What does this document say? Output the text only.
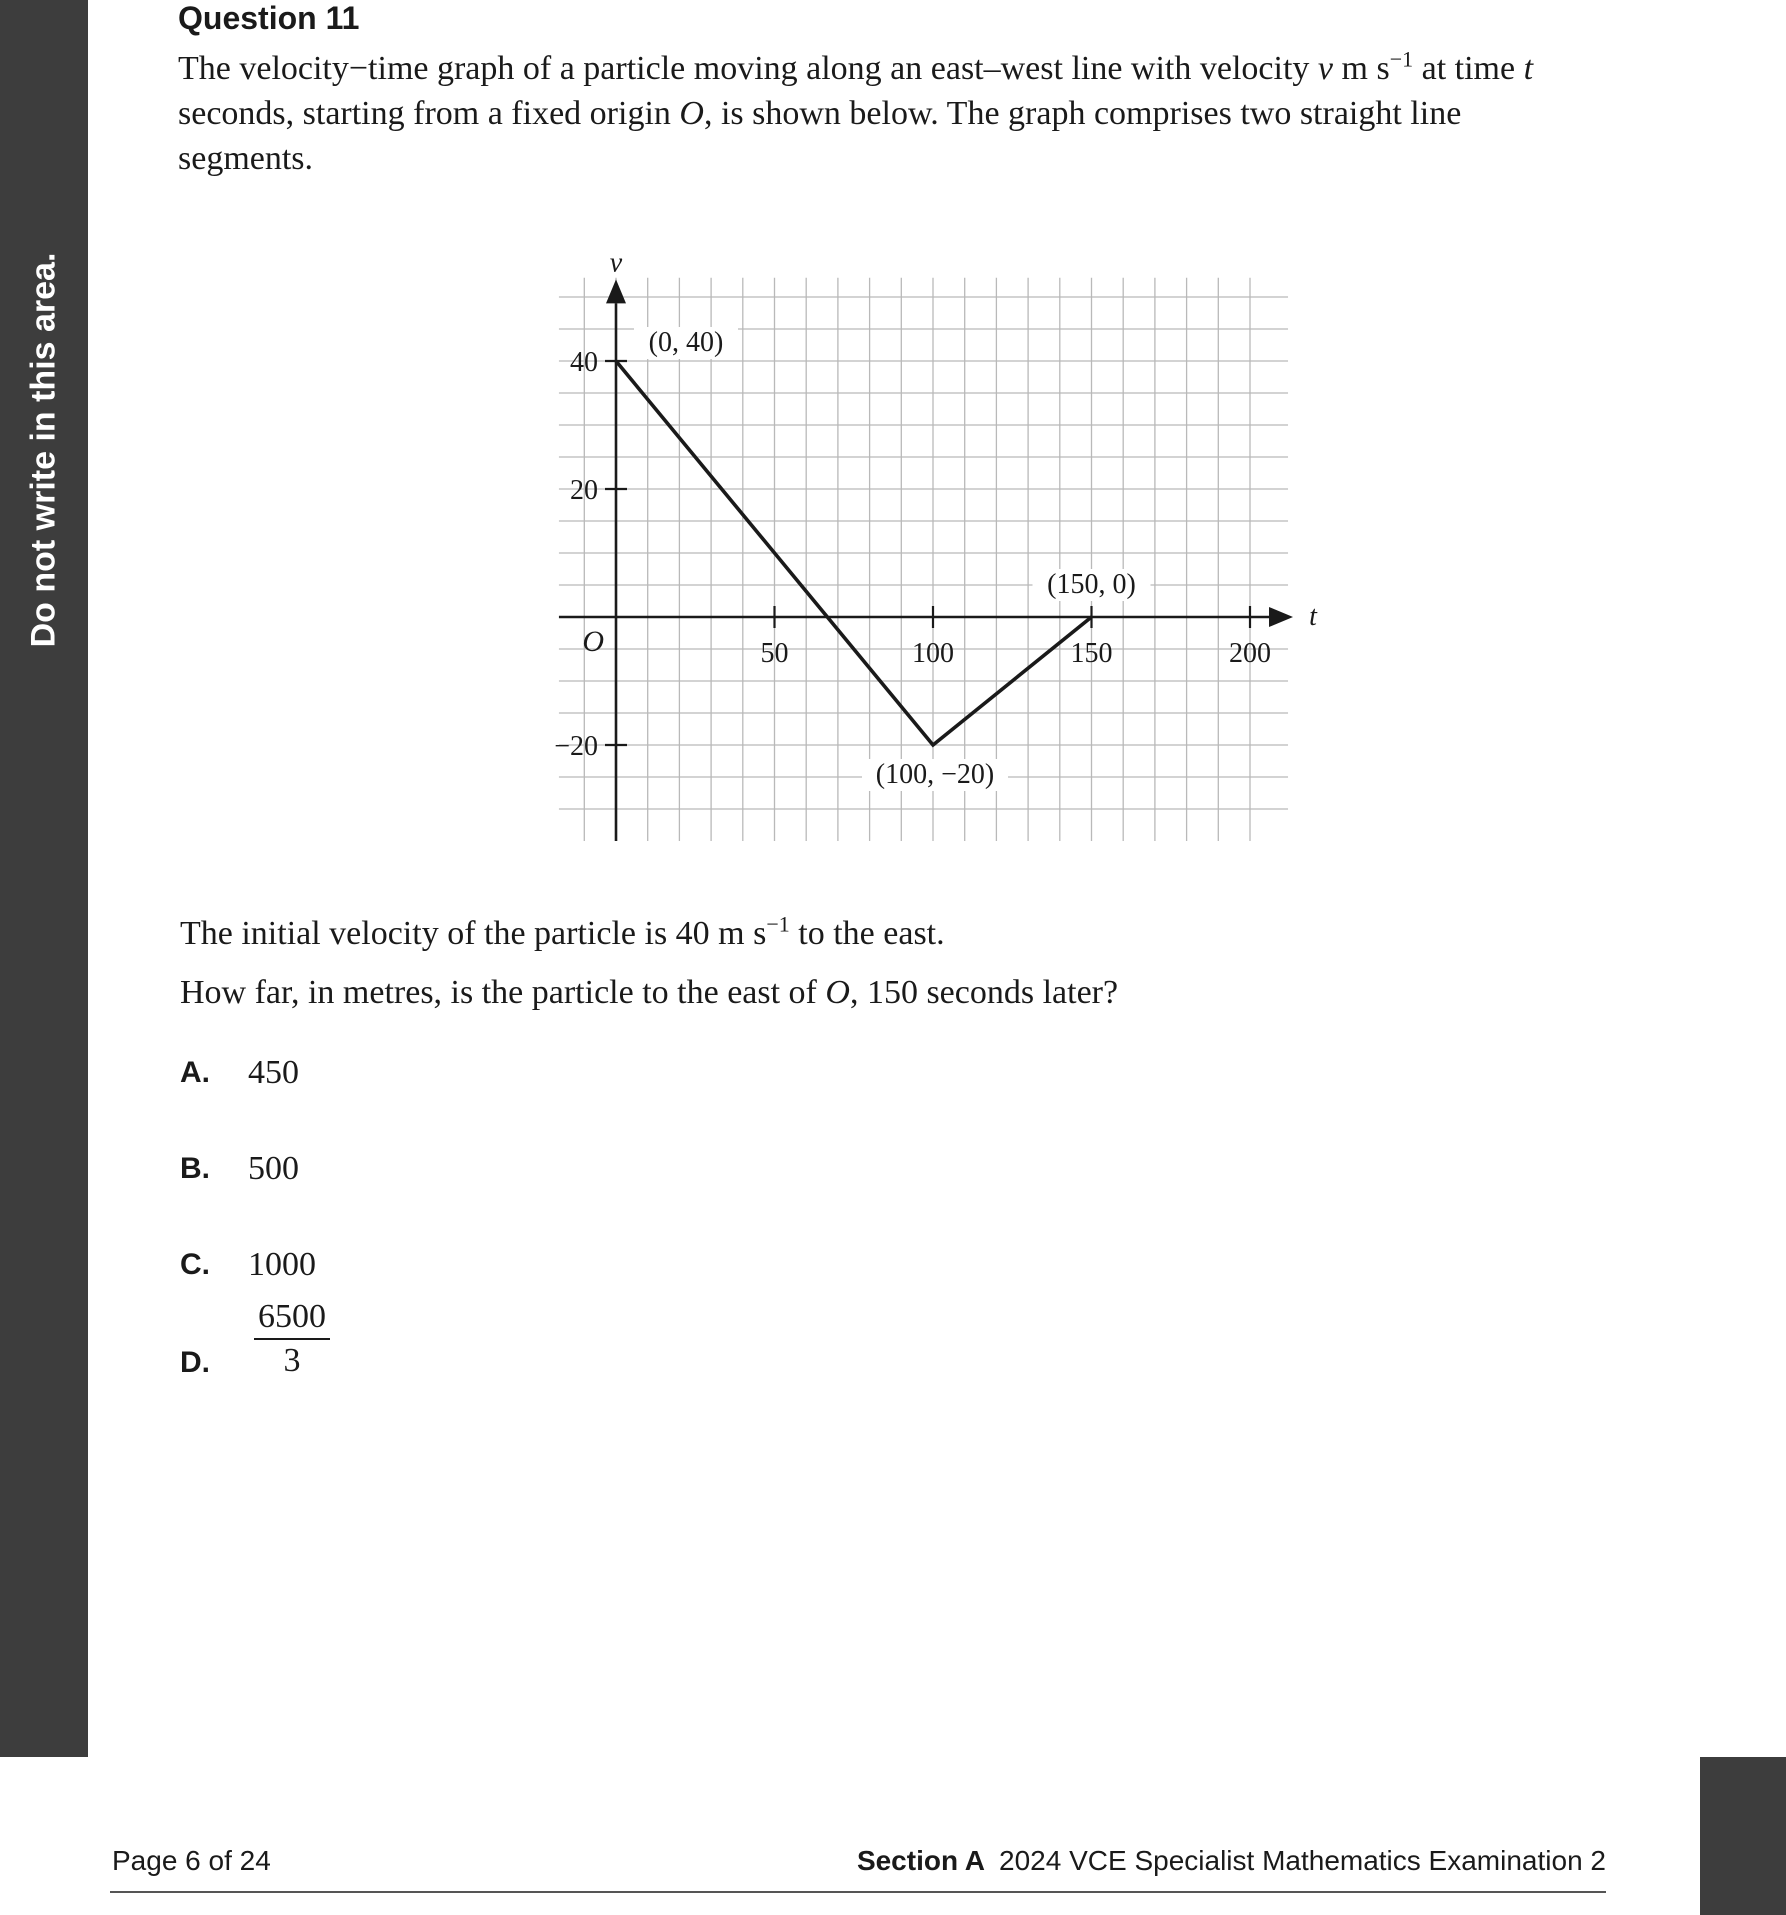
Do not write in this area.
Question 11
The velocity−time graph of a particle moving along an east–west line with velocity v m $s^{-1}$ at time t seconds, starting from a fixed origin O, is shown below. The graph comprises two straight line segments.
50	100	150	200
40
20
−20
O
v
t
(0, 40)
(150, 0)
(100, −20)
The initial velocity of the particle is 40 m $s^{-1}$ to the east.
How far, in metres, is the particle to the east of O, 150 seconds later?
A. 450
B. 500
C. 1000
D. $\frac{6500}{3}$
Page 6 of 24	Section A 2024 VCE Specialist Mathematics Examination 2
